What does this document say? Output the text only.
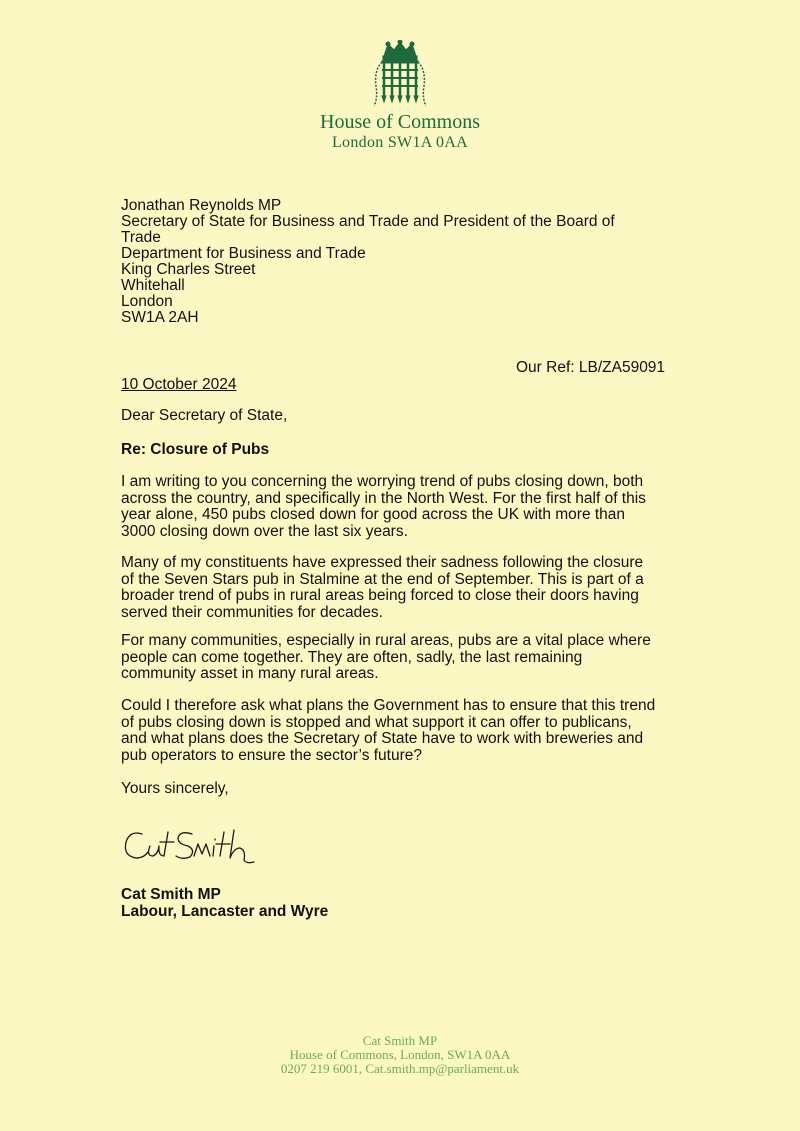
House of Commons
London SW1A 0AA
Jonathan Reynolds MP
Secretary of State for Business and Trade and President of the Board of
Trade
Department for Business and Trade
King Charles Street
Whitehall
London
SW1A 2AH
Our Ref: LB/ZA59091
10 October 2024
Dear Secretary of State,
Re: Closure of Pubs
I am writing to you concerning the worrying trend of pubs closing down, both
across the country, and specifically in the North West. For the first half of this
year alone, 450 pubs closed down for good across the UK with more than
3000 closing down over the last six years.
Many of my constituents have expressed their sadness following the closure
of the Seven Stars pub in Stalmine at the end of September. This is part of a
broader trend of pubs in rural areas being forced to close their doors having
served their communities for decades.
For many communities, especially in rural areas, pubs are a vital place where
people can come together. They are often, sadly, the last remaining
community asset in many rural areas.
Could I therefore ask what plans the Government has to ensure that this trend
of pubs closing down is stopped and what support it can offer to publicans,
and what plans does the Secretary of State have to work with breweries and
pub operators to ensure the sector’s future?
Yours sincerely,
Cat Smith MP
Labour, Lancaster and Wyre
Cat Smith MP
House of Commons, London, SW1A 0AA
0207 219 6001, Cat.smith.mp@parliament.uk
